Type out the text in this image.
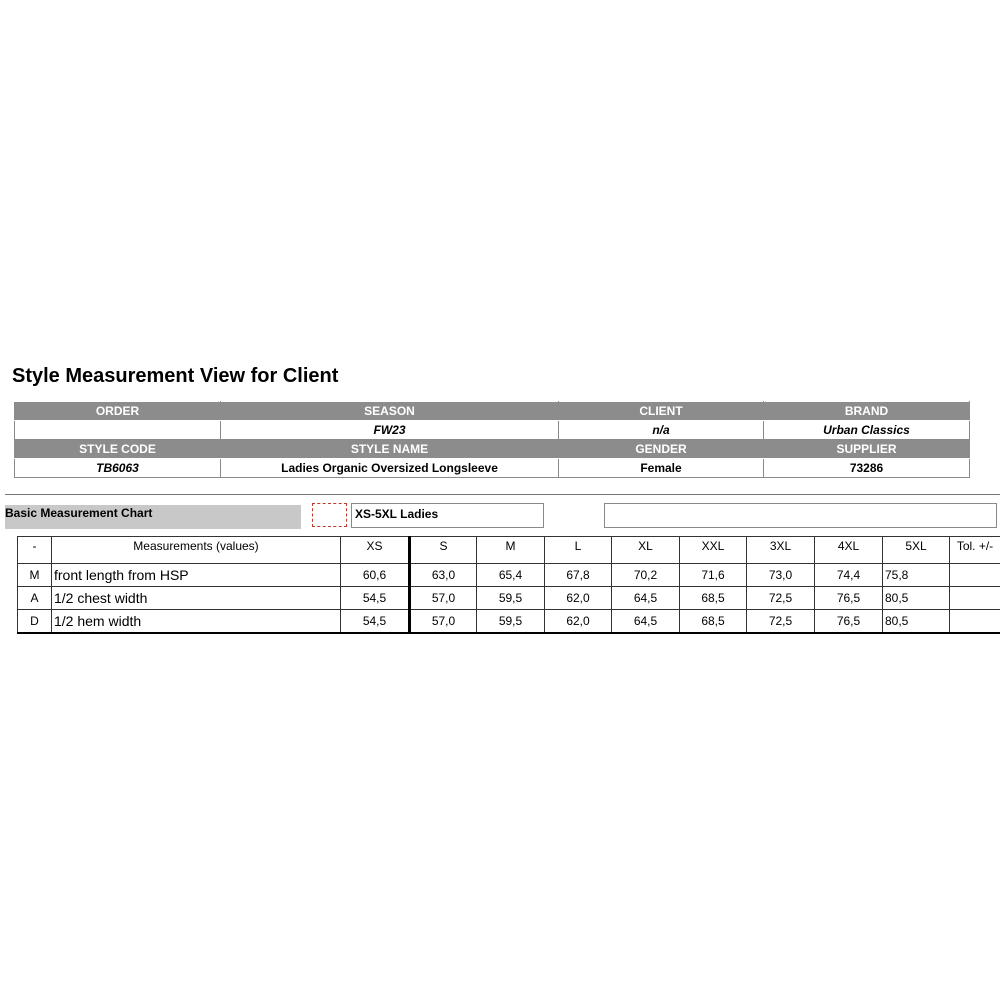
Style Measurement View for Client
ORDER	SEASON	CLIENT	BRAND
	FW23	n/a	Urban Classics
STYLE CODE	STYLE NAME	GENDER	SUPPLIER
TB6063	Ladies Organic Oversized Longsleeve	Female	73286
Basic Measurement Chart	XS-5XL Ladies
-	Measurements (values)	XS	S	M	L	XL	XXL	3XL	4XL	5XL	Tol. +/-
M	front length from HSP	60,6	63,0	65,4	67,8	70,2	71,6	73,0	74,4	75,8	
A	1/2 chest width	54,5	57,0	59,5	62,0	64,5	68,5	72,5	76,5	80,5	
D	1/2 hem width	54,5	57,0	59,5	62,0	64,5	68,5	72,5	76,5	80,5	
